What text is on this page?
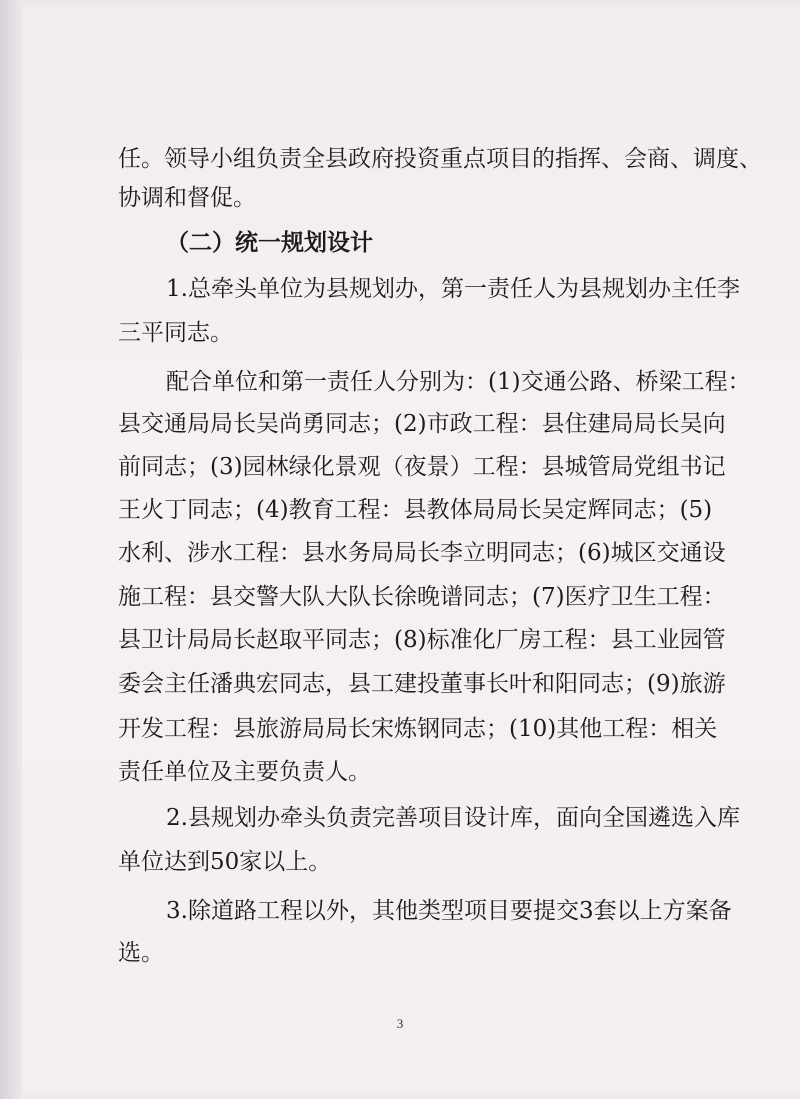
任。领导小组负责全县政府投资重点项目的指挥、会商、调度、
协调和督促。
（二）统一规划设计
1.总牵头单位为县规划办，第一责任人为县规划办主任李
三平同志。
配合单位和第一责任人分别为：(1)交通公路、桥梁工程：
县交通局局长吴尚勇同志；(2)市政工程：县住建局局长吴向
前同志；(3)园林绿化景观（夜景）工程：县城管局党组书记
王火丁同志；(4)教育工程：县教体局局长吴定辉同志；(5)
水利、涉水工程：县水务局局长李立明同志；(6)城区交通设
施工程：县交警大队大队长徐晚谱同志；(7)医疗卫生工程：
县卫计局局长赵取平同志；(8)标准化厂房工程：县工业园管
委会主任潘典宏同志，县工建投董事长叶和阳同志；(9)旅游
开发工程：县旅游局局长宋炼钢同志；(10)其他工程：相关
责任单位及主要负责人。
2.县规划办牵头负责完善项目设计库，面向全国遴选入库
单位达到50家以上。
3.除道路工程以外，其他类型项目要提交3套以上方案备
选。
3
